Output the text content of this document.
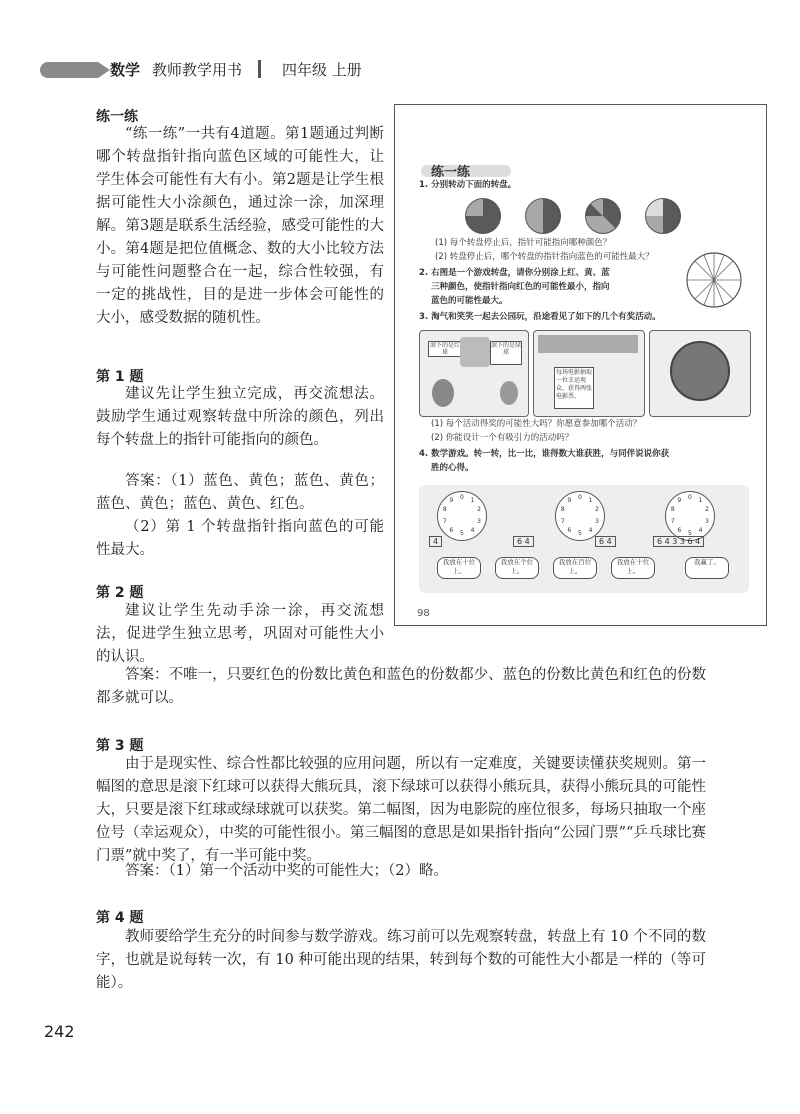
数学 教师教学用书	四年级 上册
练一练
“练一练”一共有4道题。第1题通过判断哪个转盘指针指向蓝色区域的可能性大，让学生体会可能性有大有小。第2题是让学生根据可能性大小涂颜色，通过涂一涂，加深理解。第3题是联系生活经验，感受可能性的大小。第4题是把位值概念、数的大小比较方法与可能性问题整合在一起，综合性较强，有一定的挑战性，目的是进一步体会可能性的大小，感受数据的随机性。
第 1 题
建议先让学生独立完成，再交流想法。鼓励学生通过观察转盘中所涂的颜色，列出每个转盘上的指针可能指向的颜色。
答案：（1）蓝色、黄色；蓝色、黄色；蓝色、黄色；蓝色、黄色、红色。
（2）第 1 个转盘指针指向蓝色的可能性最大。
第 2 题
建议让学生先动手涂一涂，再交流想法，促进学生独立思考，巩固对可能性大小的认识。
答案：不唯一，只要红色的份数比黄色和蓝色的份数都少、蓝色的份数比黄色和红色的份数都多就可以。
第 3 题
由于是现实性、综合性都比较强的应用问题，所以有一定难度，关键要读懂获奖规则。第一幅图的意思是滚下红球可以获得大熊玩具，滚下绿球可以获得小熊玩具，获得小熊玩具的可能性大，只要是滚下红球或绿球就可以获奖。第二幅图，因为电影院的座位很多，每场只抽取一个座位号（幸运观众），中奖的可能性很小。第三幅图的意思是如果指针指向“公园门票”“乒乓球比赛门票”就中奖了，有一半可能中奖。
答案：（1）第一个活动中奖的可能性大；（2）略。
第 4 题
教师要给学生充分的时间参与数学游戏。练习前可以先观察转盘，转盘上有 10 个不同的数字，也就是说每转一次，有 10 种可能出现的结果，转到每个数的可能性大小都是一样的（等可能）。
242
练一练
1. 分别转动下面的转盘。
(1) 每个转盘停止后，指针可能指向哪种颜色？
(2) 转盘停止后，哪个转盘的指针指向蓝色的可能性最大？
2. 右图是一个游戏转盘，请你分别涂上红、黄、蓝
三种颜色，使指针指向红色的可能性最小，指向
蓝色的可能性最大。
3. 淘气和笑笑一起去公园玩，沿途看见了如下的几个有奖活动。
滚下的是红球
滚下的是绿球
每场电影抽取一位幸运观众，获得两张电影票。
(1) 每个活动得奖的可能性大吗？你愿意参加哪个活动？
(2) 你能设计一个有吸引力的活动吗？
4. 数学游戏。转一转，比一比，谁得数大谁获胜，与同伴说说你获
胜的心得。
0 1
2
3
4
5
6
7
8
9	0 1
2
3
4
5
6
7
8
9	0 1
2
3
4
5
6
7
8
9
4	6 4	6 4	6 4 3 3 6 4
我放在十位上。
我放在个位上。
我放在百位上。
我放在十位上。
我赢了。
98
